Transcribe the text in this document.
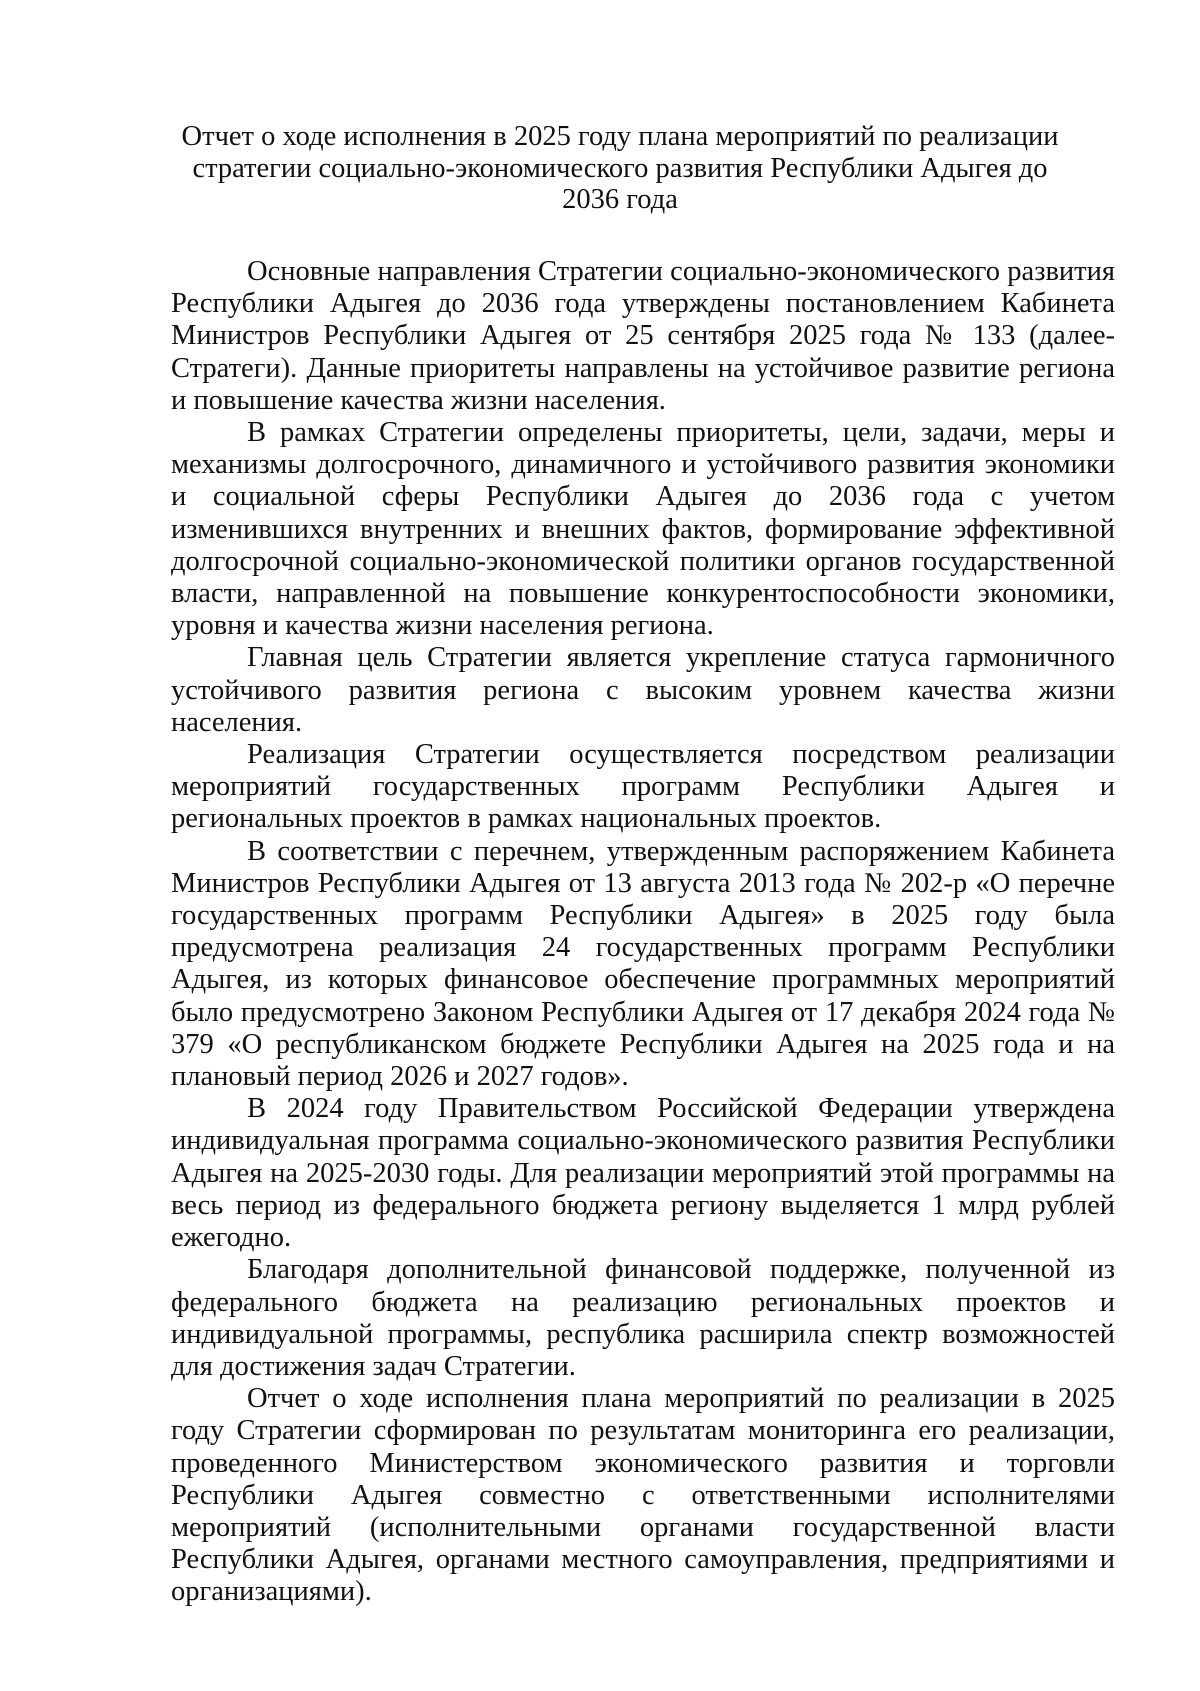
Отчет о ходе исполнения в 2025 году плана мероприятий по реализации
стратегии социально-экономического развития Республики Адыгея до
2036 года

Основные направления Стратегии социально-экономического развития Республики Адыгея до 2036 года утверждены постановлением Кабинета Министров Республики Адыгея от 25 сентября 2025 года № 133 (далее-Стратеги). Данные приоритеты направлены на устойчивое развитие региона и повышение качества жизни населения.

В рамках Стратегии определены приоритеты, цели, задачи, меры и механизмы долгосрочного, динамичного и устойчивого развития экономики и социальной сферы Республики Адыгея до 2036 года с учетом изменившихся внутренних и внешних фактов, формирование эффективной долгосрочной социально-экономической политики органов государственной власти, направленной на повышение конкурентоспособности экономики, уровня и качества жизни населения региона.

Главная цель Стратегии является укрепление статуса гармоничного устойчивого развития региона с высоким уровнем качества жизни населения.

Реализация Стратегии осуществляется посредством реализации мероприятий государственных программ Республики Адыгея и региональных проектов в рамках национальных проектов.

В соответствии с перечнем, утвержденным распоряжением Кабинета Министров Республики Адыгея от 13 августа 2013 года № 202-р «О перечне государственных программ Республики Адыгея» в 2025 году была предусмотрена реализация 24 государственных программ Республики Адыгея, из которых финансовое обеспечение программных мероприятий было предусмотрено Законом Республики Адыгея от 17 декабря 2024 года № 379 «О республиканском бюджете Республики Адыгея на 2025 года и на плановый период 2026 и 2027 годов».

В 2024 году Правительством Российской Федерации утверждена индивидуальная программа социально-экономического развития Республики Адыгея на 2025-2030 годы. Для реализации мероприятий этой программы на весь период из федерального бюджета региону выделяется 1 млрд рублей ежегодно.

Благодаря дополнительной финансовой поддержке, полученной из федерального бюджета на реализацию региональных проектов и индивидуальной программы, республика расширила спектр возможностей для достижения задач Стратегии.

Отчет о ходе исполнения плана мероприятий по реализации в 2025 году Стратегии сформирован по результатам мониторинга его реализации, проведенного Министерством экономического развития и торговли Республики Адыгея совместно с ответственными исполнителями мероприятий (исполнительными органами государственной власти Республики Адыгея, органами местного самоуправления, предприятиями и организациями).
